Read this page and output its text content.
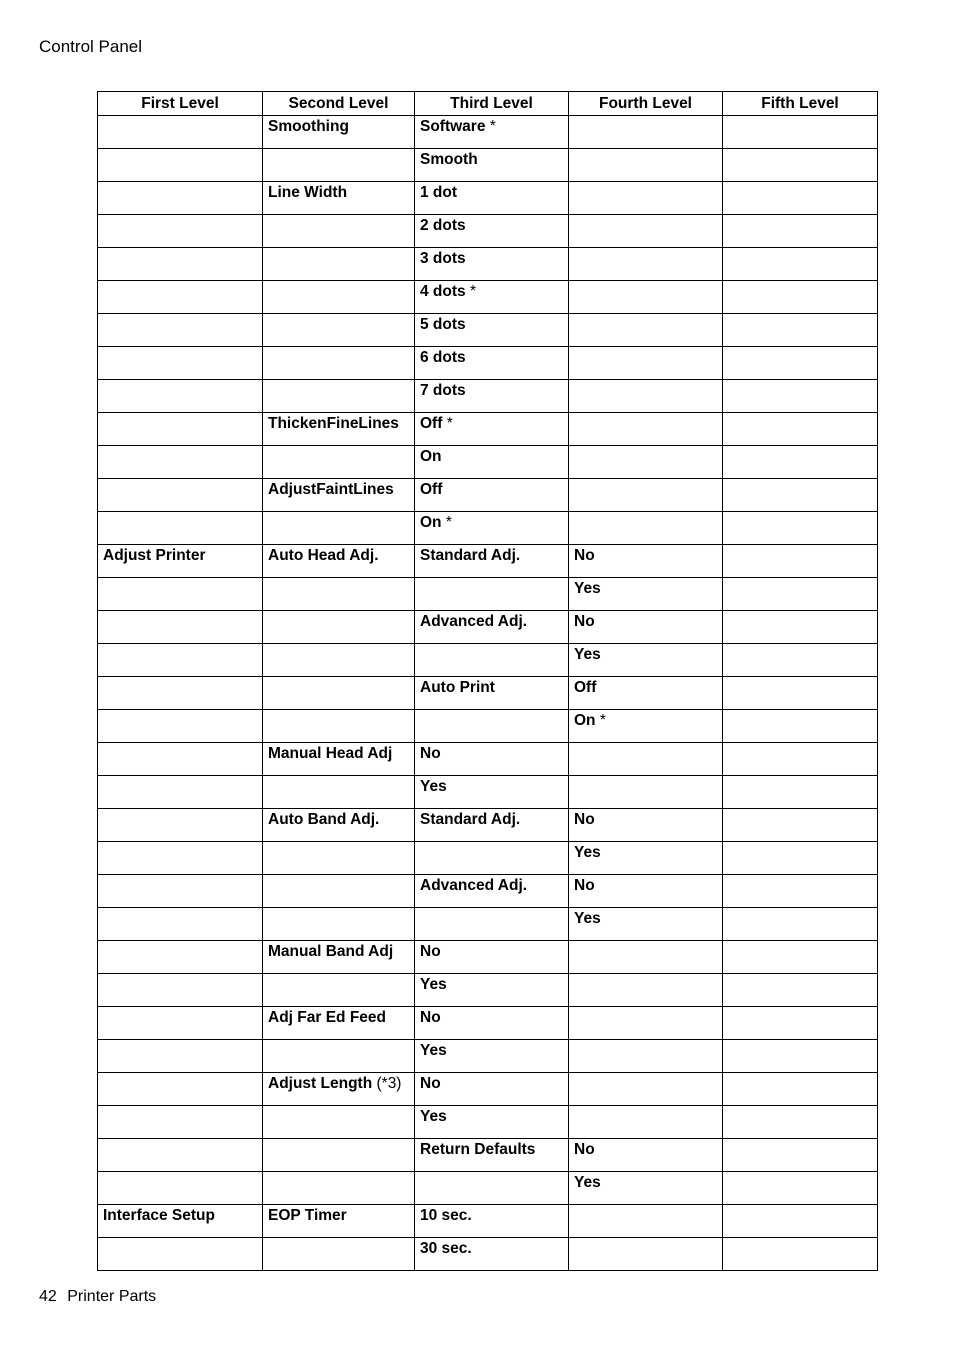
Control Panel
First Level	Second Level	Third Level	Fourth Level	Fifth Level
	Smoothing	Software *		
		Smooth		
	Line Width	1 dot		
		2 dots		
		3 dots		
		4 dots *		
		5 dots		
		6 dots		
		7 dots		
	ThickenFineLines	Off *		
		On		
	AdjustFaintLines	Off		
		On *		
Adjust Printer	Auto Head Adj.	Standard Adj.	No	
			Yes	
		Advanced Adj.	No	
			Yes	
		Auto Print	Off	
			On *	
	Manual Head Adj	No		
		Yes		
	Auto Band Adj.	Standard Adj.	No	
			Yes	
		Advanced Adj.	No	
			Yes	
	Manual Band Adj	No		
		Yes		
	Adj Far Ed Feed	No		
		Yes		
	Adjust Length (*3)	No		
		Yes		
		Return Defaults	No	
			Yes	
Interface Setup	EOP Timer	10 sec.		
		30 sec.		
42 Printer Parts
